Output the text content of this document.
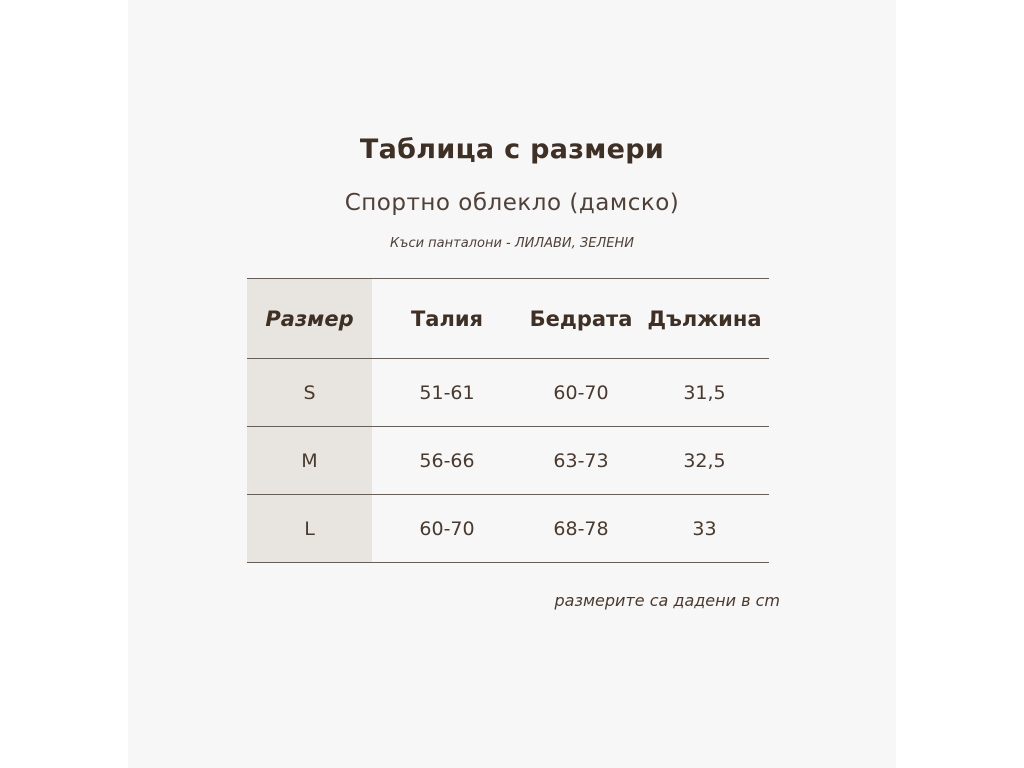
Таблица с размери
Спортно облекло (дамско)
Къси панталони - ЛИЛАВИ, ЗЕЛЕНИ
Размер	Талия	Бедрата	Дължина
S	51-61	60-70	31,5
M	56-66	63-73	32,5
L	60-70	68-78	33
размерите са дадени в cm
